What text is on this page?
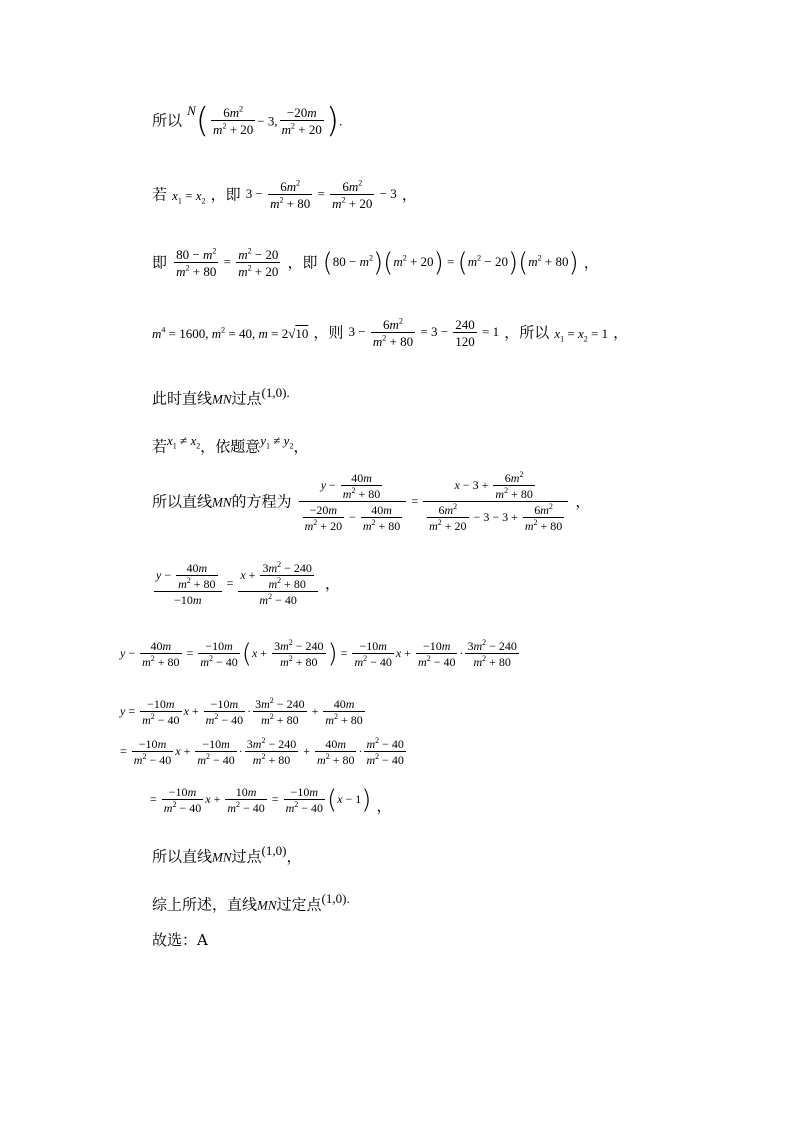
所以 $^N( \frac{6m^2}{m^2 + 20} - 3$, $\frac{-20m}{m^2 + 20}$ ).
若 $x_1 = x_2$ ，即 $3 - \frac{6m^2}{m^2 + 80} = \frac{6m^2}{m^2 + 20} - 3$ ，
即 $\frac{80 - m^2}{m^2 + 80} = \frac{m^2 - 20}{m^2 + 20}$ ，即 $(80 - m^2)(m^2 + 20) = (m^2 - 20)(m^2 + 80)$ ，
$m^4 = 1600$, $m^2 = 40$, m = 2√10 ，则 $3 - \frac{6m^2}{m^2 + 80} = 3 - \frac{240}{120} = 1$ ，所以 $x_1 = x_2 = 1$ ，
此时直线MN过点$^{(1,0).}$
若$^{x_1 \ne x_2}$，依题意$^{y_1 \ne y_2}$，
所以直线MN的方程为 $\frac{y - \frac{40m}{m^2 + 80}}{\frac{-20m}{m^2 + 20} - \frac{40m}{m^2 + 80}} = \frac{x - 3 + \frac{6m^2}{m^2 + 80}}{\frac{6m^2}{m^2 + 20} - 3 - 3 + \frac{6m^2}{m^2 + 80}}$ ，
$\frac{y - \frac{40m}{m^2 + 80}}{-10m} = \frac{x + \frac{3m^2 - 240}{m^2 + 80}}{m^2 - 40}$ ，
$y - \frac{40m}{m^2 + 80} = \frac{-10m}{m^2 - 40} (x + \frac{3m^2 - 240}{m^2 + 80}$ ) = $\frac{-10m}{m^2 - 40}$ $x + \frac{-10m}{m^2 - 40} \cdot \frac{3m^2 - 240}{m^2 + 80}$
$y = \frac{-10m}{m^2 - 40}$ $x + \frac{-10m}{m^2 - 40} \cdot \frac{3m^2 - 240}{m^2 + 80} + \frac{40m}{m^2 + 80}$
= $\frac{-10m}{m^2 - 40}$ $x + \frac{-10m}{m^2 - 40} \cdot \frac{3m^2 - 240}{m^2 + 80} + \frac{40m}{m^2 + 80} \cdot \frac{m^2 - 40}{m^2 - 40}$
= $\frac{-10m}{m^2 - 40}$ $x + \frac{10m}{m^2 - 40} = \frac{-10m}{m^2 - 40} (x - 1)$ ，
所以直线MN过点$^{(1,0)}$，
综上所述，直线MN过定点$^{(1,0).}$
故选：A
